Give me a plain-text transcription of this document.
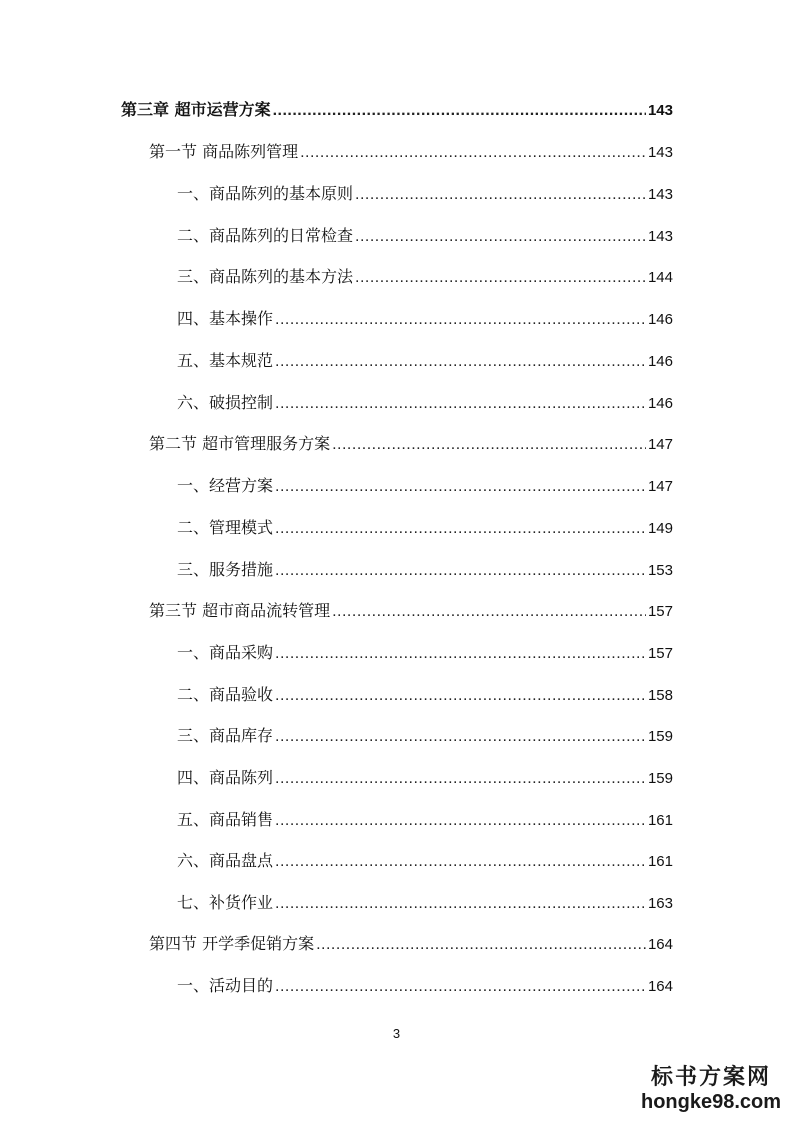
第三章 超市运营方案 .....	143
第一节 商品陈列管理 .....	143
一、商品陈列的基本原则 .....	143
二、商品陈列的日常检查 .....	143
三、商品陈列的基本方法 .....	144
四、基本操作 .....	146
五、基本规范 .....	146
六、破损控制 .....	146
第二节 超市管理服务方案 .....	147
一、经营方案 .....	147
二、管理模式 .....	149
三、服务措施 .....	153
第三节 超市商品流转管理 .....	157
一、商品采购 .....	157
二、商品验收 .....	158
三、商品库存 .....	159
四、商品陈列 .....	159
五、商品销售 .....	161
六、商品盘点 .....	161
七、补货作业 .....	163
第四节 开学季促销方案 .....	164
一、活动目的 .....	164
3
标书方案网
hongke98.com
